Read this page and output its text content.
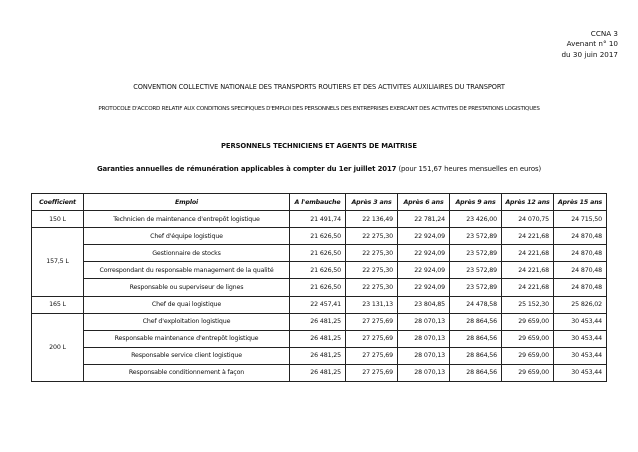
CCNA 3
Avenant n° 10
du 30 juin 2017
CONVENTION COLLECTIVE NATIONALE DES TRANSPORTS ROUTIERS ET DES ACTIVITES AUXILIAIRES DU TRANSPORT
PROTOCOLE D'ACCORD RELATIF AUX CONDITIONS SPECIFIQUES D'EMPLOI DES PERSONNELS DES ENTREPRISES EXERCANT DES ACTIVITES DE PRESTATIONS LOGISTIQUES
PERSONNELS TECHNICIENS ET AGENTS DE MAITRISE
Garanties annuelles de rémunération applicables à compter du 1er juillet 2017 (pour 151,67 heures mensuelles en euros)
Coefficient	Emploi	A l'embauche	Après 3 ans	Après 6 ans	Après 9 ans	Après 12 ans	Après 15 ans
150 L	Technicien de maintenance d'entrepôt logistique	21 491,74	22 136,49	22 781,24	23 426,00	24 070,75	24 715,50
157,5 L	Chef d'équipe logistique	21 626,50	22 275,30	22 924,09	23 572,89	24 221,68	24 870,48
	Gestionnaire de stocks	21 626,50	22 275,30	22 924,09	23 572,89	24 221,68	24 870,48
	Correspondant du responsable management de la qualité	21 626,50	22 275,30	22 924,09	23 572,89	24 221,68	24 870,48
	Responsable ou superviseur de lignes	21 626,50	22 275,30	22 924,09	23 572,89	24 221,68	24 870,48
165 L	Chef de quai logistique	22 457,41	23 131,13	23 804,85	24 478,58	25 152,30	25 826,02
200 L	Chef d'exploitation logistique	26 481,25	27 275,69	28 070,13	28 864,56	29 659,00	30 453,44
	Responsable maintenance d'entrepôt logistique	26 481,25	27 275,69	28 070,13	28 864,56	29 659,00	30 453,44
	Responsable service client logistique	26 481,25	27 275,69	28 070,13	28 864,56	29 659,00	30 453,44
	Responsable conditionnement à façon	26 481,25	27 275,69	28 070,13	28 864,56	29 659,00	30 453,44
